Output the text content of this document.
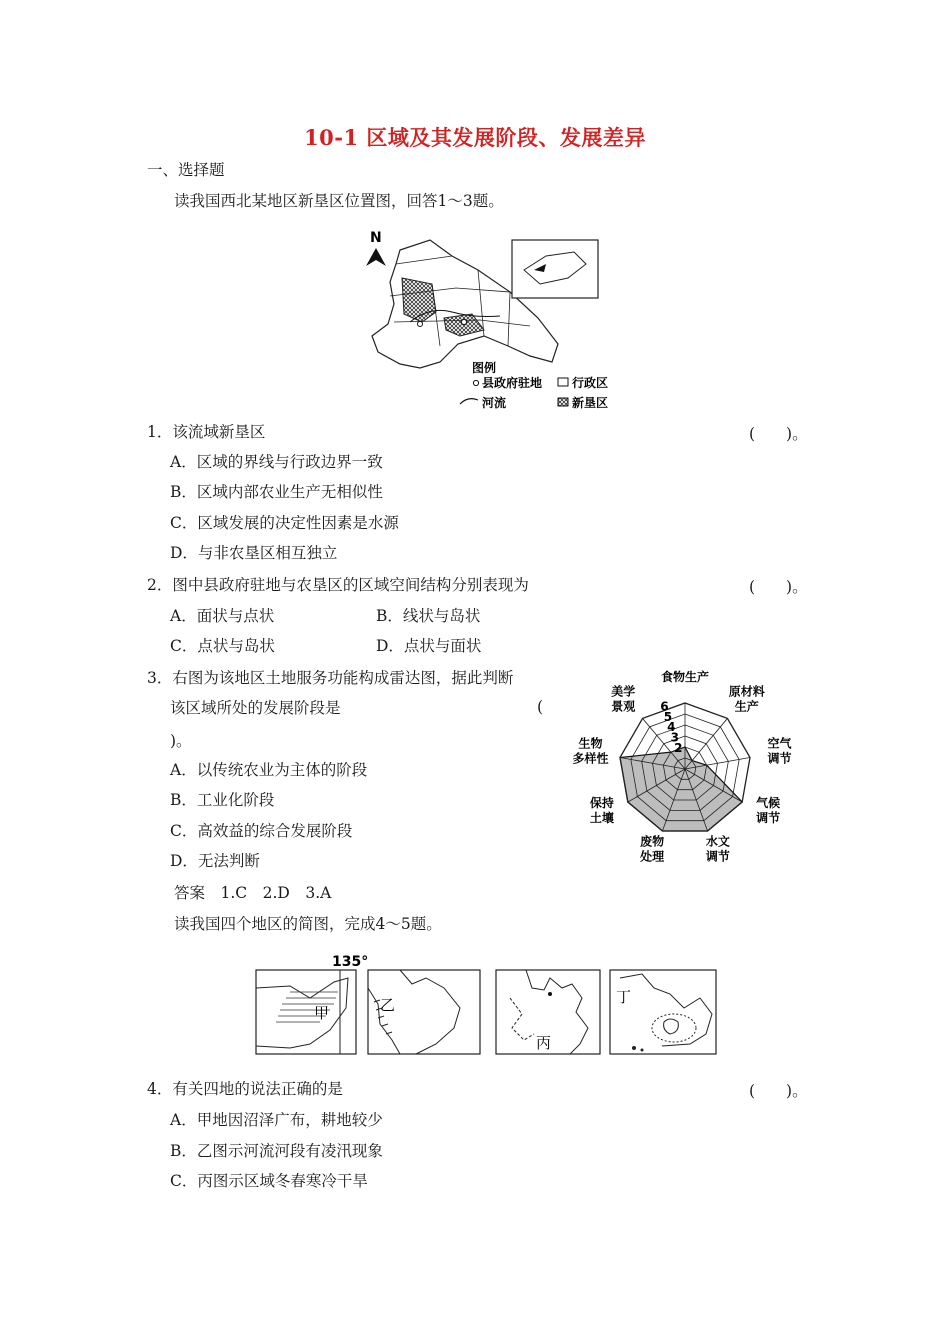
10-1 区域及其发展阶段、发展差异
一、选择题
读我国西北某地区新垦区位置图，回答1～3题。
N
图例
县政府驻地 行政区
河流	新垦区
1．该流域新垦区	(　　)。
A．区域的界线与行政边界一致
B．区域内部农业生产无相似性
C．区域发展的决定性因素是水源
D．与非农垦区相互独立
2．图中县政府驻地与农垦区的区域空间结构分别表现为	(　　)。
A．面状与点状	B．线状与岛状
C．点状与岛状	D．点状与面状
3．右图为该地区土地服务功能构成雷达图，据此判断
该区域所处的发展阶段是	(
)。
A．以传统农业为主体的阶段
B．工业化阶段
C．高效益的综合发展阶段
D．无法判断
2
3
4
5
6
食物生产
原材料
生产
空气
调节
气候
调节
水文
调节
废物
处理
保持
土壤
生物
多样性
美学
景观
答案　1.C　2.D　3.A
读我国四个地区的简图，完成4～5题。
135°
甲	乙
丙
丁
4．有关四地的说法正确的是	(　　)。
A．甲地因沼泽广布，耕地较少
B．乙图示河流河段有凌汛现象
C．丙图示区域冬春寒冷干旱
